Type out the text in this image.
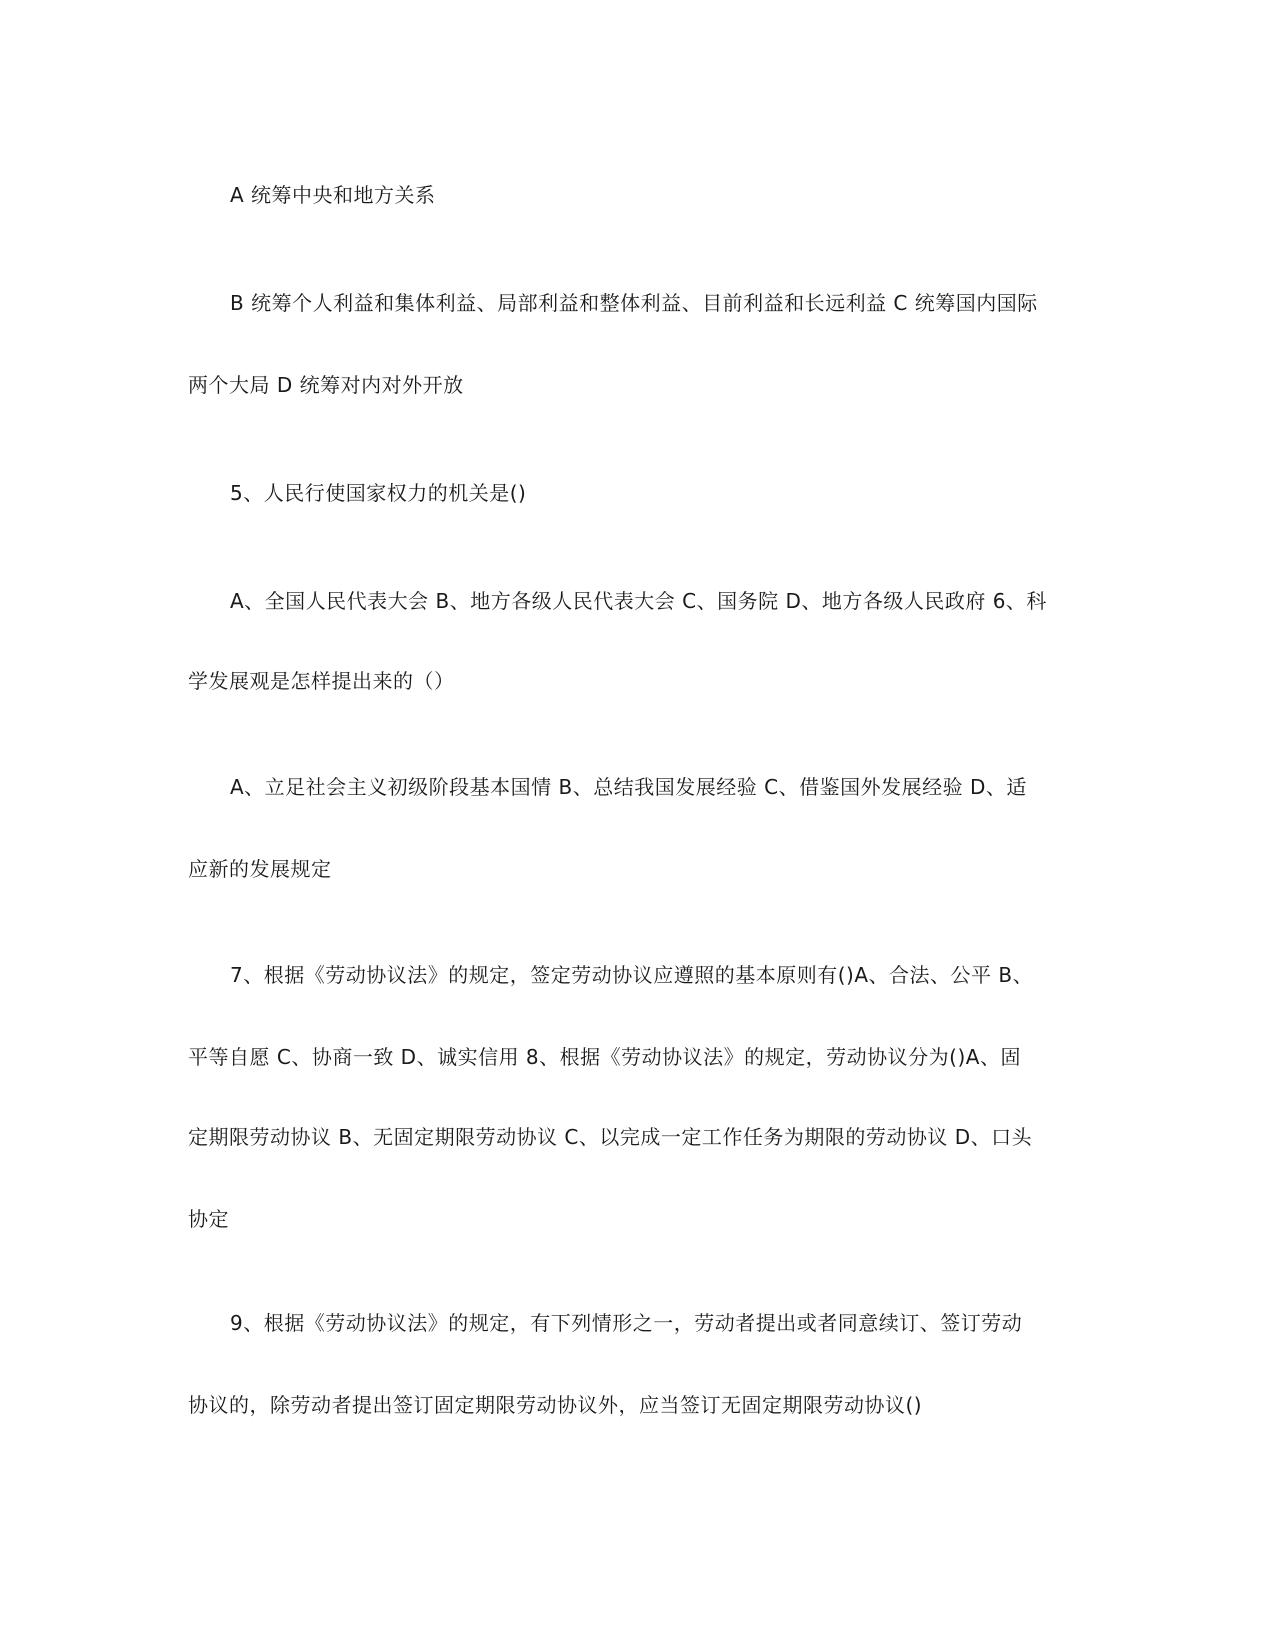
A 统筹中央和地方关系
B 统筹个人利益和集体利益、局部利益和整体利益、目前利益和长远利益 C 统筹国内国际
两个大局 D 统筹对内对外开放
5、人民行使国家权力的机关是()
A、全国人民代表大会 B、地方各级人民代表大会 C、国务院 D、地方各级人民政府 6、科
学发展观是怎样提出来的（）
A、立足社会主义初级阶段基本国情 B、总结我国发展经验 C、借鉴国外发展经验 D、适
应新的发展规定
7、根据《劳动协议法》的规定，签定劳动协议应遵照的基本原则有()A、合法、公平 B、
平等自愿 C、协商一致 D、诚实信用 8、根据《劳动协议法》的规定，劳动协议分为()A、固
定期限劳动协议 B、无固定期限劳动协议 C、以完成一定工作任务为期限的劳动协议 D、口头
协定
9、根据《劳动协议法》的规定，有下列情形之一，劳动者提出或者同意续订、签订劳动
协议的，除劳动者提出签订固定期限劳动协议外，应当签订无固定期限劳动协议()
